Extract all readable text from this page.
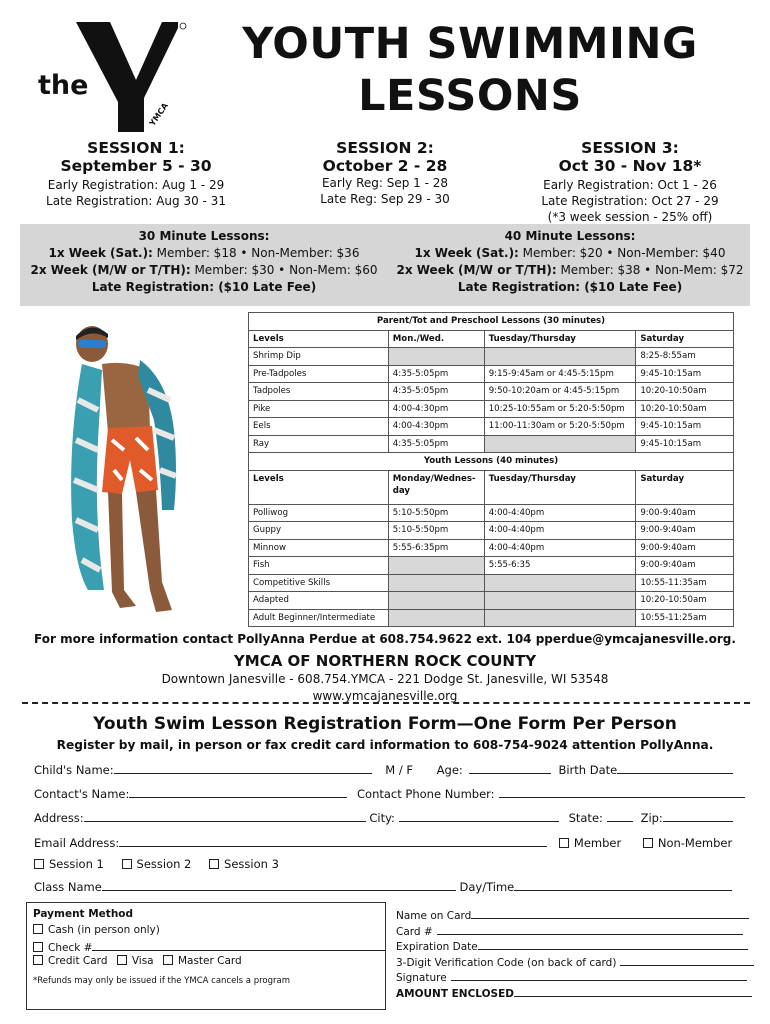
the
YMCA
YOUTH SWIMMING
LESSONS
SESSION 1:
September 5 - 30
Early Registration: Aug 1 - 29
Late Registration: Aug 30 - 31
SESSION 2:
October 2 - 28
Early Reg: Sep 1 - 28
Late Reg: Sep 29 - 30
SESSION 3:
Oct 30 - Nov 18*
Early Registration: Oct 1 - 26
Late Registration: Oct 27 - 29
(*3 week session - 25% off)
30 Minute Lessons:
1x Week (Sat.): Member: $18 • Non-Member: $36
2x Week (M/W or T/TH): Member: $30 • Non-Mem: $60
Late Registration: ($10 Late Fee)
40 Minute Lessons:
1x Week (Sat.): Member: $20 • Non-Member: $40
2x Week (M/W or T/TH): Member: $38 • Non-Mem: $72
Late Registration: ($10 Late Fee)
Parent/Tot and Preschool Lessons (30 minutes)			
Levels	Mon./Wed.	Tuesday/Thursday	Saturday
Shrimp Dip			8:25-8:55am
Pre-Tadpoles	4:35-5:05pm	9:15-9:45am or 4:45-5:15pm	9:45-10:15am
Tadpoles	4:35-5:05pm	9:50-10:20am or 4:45-5:15pm	10:20-10:50am
Pike	4:00-4:30pm	10:25-10:55am or 5:20-5:50pm	10:20-10:50am
Eels	4:00-4:30pm	11:00-11:30am or 5:20-5:50pm	9:45-10:15am
Ray	4:35-5:05pm		9:45-10:15am
Youth Lessons (40 minutes)			
Levels	Monday/Wednes-day	Tuesday/Thursday	Saturday
Polliwog	5:10-5:50pm	4:00-4:40pm	9:00-9:40am
Guppy	5:10-5:50pm	4:00-4:40pm	9:00-9:40am
Minnow	5:55-6:35pm	4:00-4:40pm	9:00-9:40am
Fish		5:55-6:35	9:00-9:40am
Competitive Skills			10:55-11:35am
Adapted			10:20-10:50am
Adult Beginner/Intermediate			10:55-11:25am
For more information contact PollyAnna Perdue at 608.754.9622 ext. 104 pperdue@ymcajanesville.org.
YMCA OF NORTHERN ROCK COUNTY
Downtown Janesville - 608.754.YMCA - 221 Dodge St. Janesville, WI 53548
www.ymcajanesville.org
Youth Swim Lesson Registration Form—One Form Per Person
Register by mail, in person or fax credit card information to 608-754-9024 attention PollyAnna.
Child's Name:	M / F Age:	Birth Date
Contact's Name:	Contact Phone Number:
Address:	City:	State:	Zip:
Email Address:	Member	Non-Member
Session 1	Session 2	Session 3
Class Name	Day/Time
Payment Method
Cash (in person only)
Check #
Credit Card Visa Master Card
*Refunds may only be issued if the YMCA cancels a program
Name on Card
Card #
Expiration Date
3-Digit Verification Code (on back of card)
Signature
AMOUNT ENCLOSED
